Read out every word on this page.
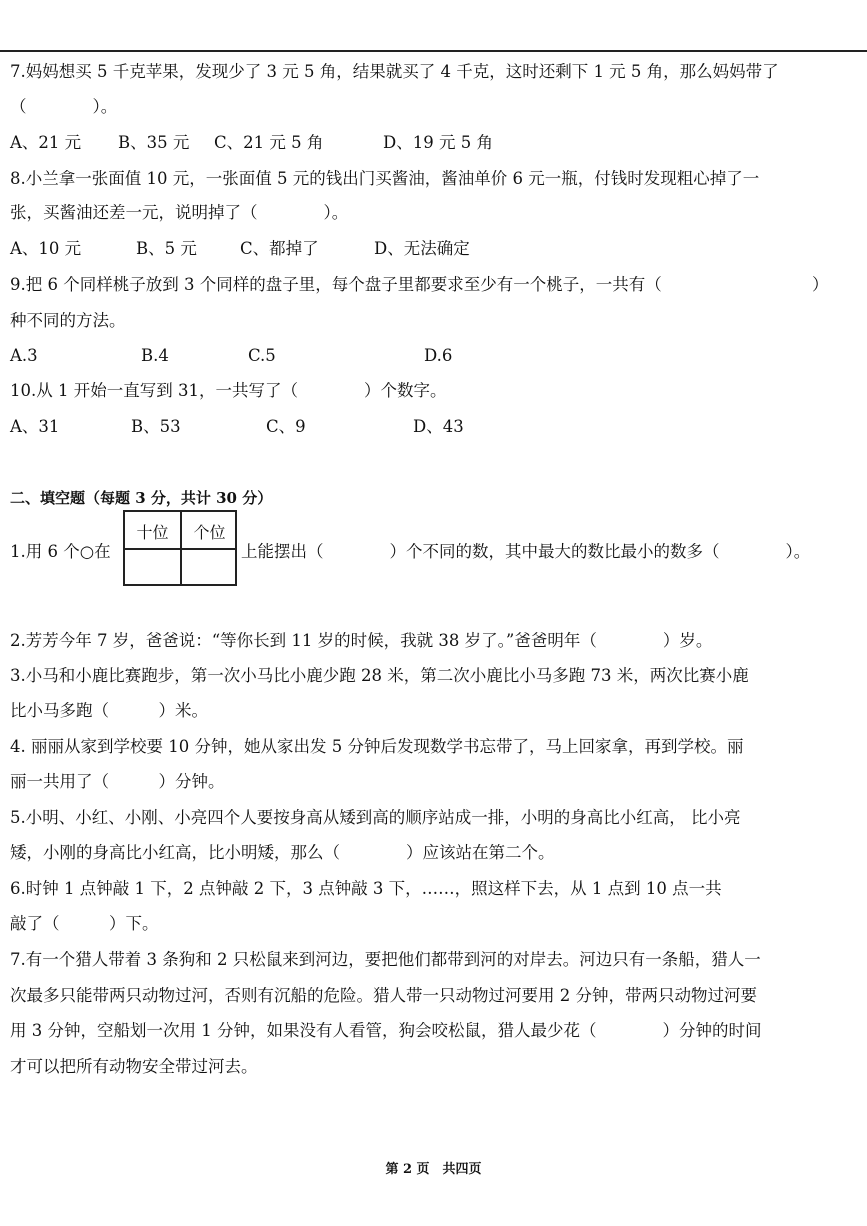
7.妈妈想买 5 千克苹果，发现少了 3 元 5 角，结果就买了 4 千克，这时还剩下 1 元 5 角，那么妈妈带了
（　　　　）。
A、21 元 B、35 元 C、21 元 5 角	D、19 元 5 角
8.小兰拿一张面值 10 元，一张面值 5 元的钱出门买酱油，酱油单价 6 元一瓶，付钱时发现粗心掉了一
张，买酱油还差一元，说明掉了（　　　　）。
A、10 元	B、5 元	C、都掉了	D、无法确定
9.把 6 个同样桃子放到 3 个同样的盘子里，每个盘子里都要求至少有一个桃子，一共有（	）
种不同的方法。
A.3	B.4	C.5	D.6
10.从 1 开始一直写到 31，一共写了（　　　　）个数字。
A、31	B、53	C、9	D、43
二、填空题（每题 3 分，共计 30 分）
1.用 6 个○在
十位	个位
上能摆出（　　　　）个不同的数，其中最大的数比最小的数多（　　　　）。
2.芳芳今年 7 岁，爸爸说：“等你长到 11 岁的时候，我就 38 岁了。”爸爸明年（　　　　）岁。
3.小马和小鹿比赛跑步，第一次小马比小鹿少跑 28 米，第二次小鹿比小马多跑 73 米，两次比赛小鹿
比小马多跑（　　　）米。
4. 丽丽从家到学校要 10 分钟，她从家出发 5 分钟后发现数学书忘带了，马上回家拿，再到学校。丽
丽一共用了（　　　）分钟。
5.小明、小红、小刚、小亮四个人要按身高从矮到高的顺序站成一排，小明的身高比小红高， 比小亮
矮，小刚的身高比小红高，比小明矮，那么（　　　　）应该站在第二个。
6.时钟 1 点钟敲 1 下，2 点钟敲 2 下，3 点钟敲 3 下，……，照这样下去，从 1 点到 10 点一共
敲了（　　　）下。
7.有一个猎人带着 3 条狗和 2 只松鼠来到河边，要把他们都带到河的对岸去。河边只有一条船，猎人一
次最多只能带两只动物过河，否则有沉船的危险。猎人带一只动物过河要用 2 分钟，带两只动物过河要
用 3 分钟，空船划一次用 1 分钟，如果没有人看管，狗会咬松鼠，猎人最少花（　　　　）分钟的时间
才可以把所有动物安全带过河去。
第 2 页　共四页
